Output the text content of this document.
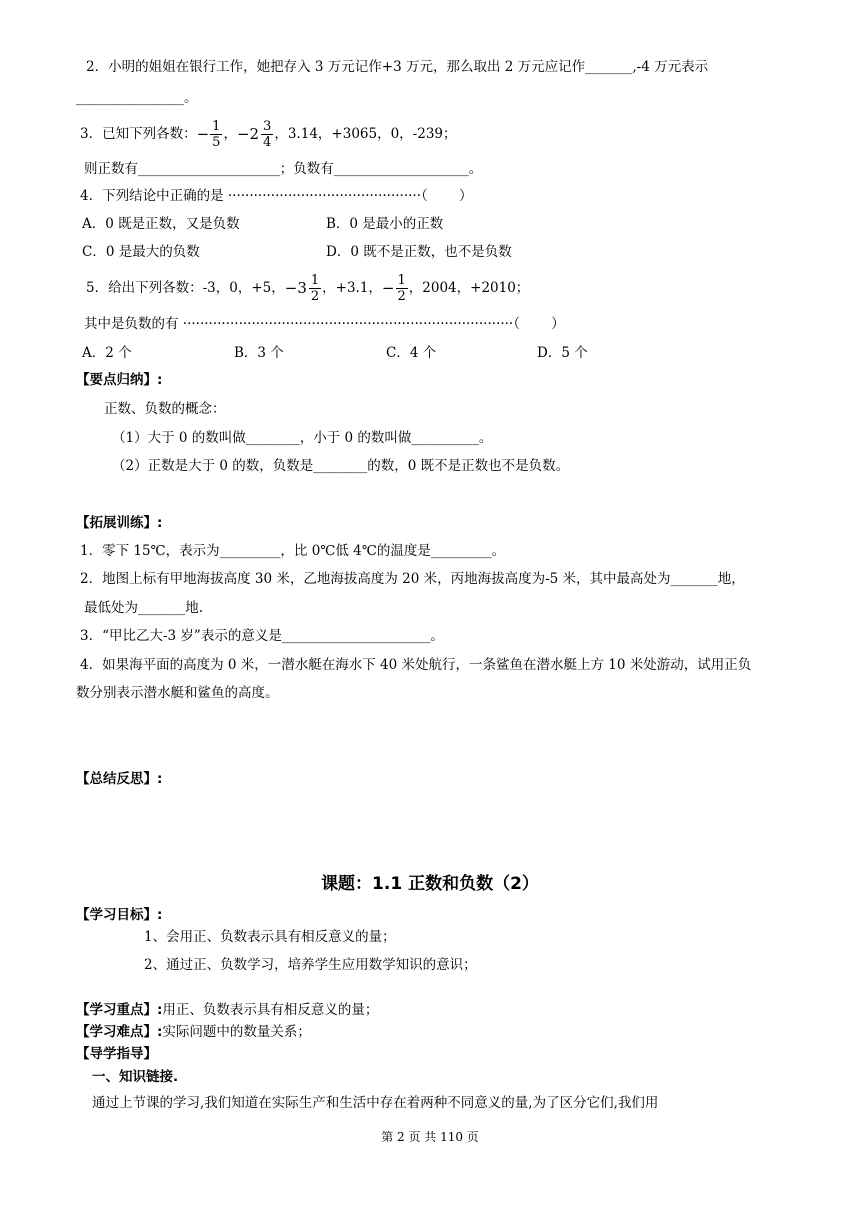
2．小明的姐姐在银行工作，她把存入 3 万元记作+3 万元，那么取出 2 万元应记作_______,-4 万元表示
________________。
3．已知下列各数： − $\frac{1}{5}$ ， − $2 \frac{3}{4}$ ，3.14，+3065，0，-239；
则正数有_____________________；负数有____________________。
4．下列结论中正确的是 ·············································（　　 ）
A．0 既是正数，又是负数	B．0 是最小的正数
C．0 是最大的负数	D．0 既不是正数，也不是负数
5．给出下列各数：-3，0，+5， − $3 \frac{1}{2}$ ，+3.1， − $\frac{1}{2}$ ，2004，+2010；
其中是负数的有 ·············································································（　　 ）
A．2 个	B．3 个	C．4 个	D．5 个
【要点归纳】:
正数、负数的概念：
（1）大于 0 的数叫做________，小于 0 的数叫做__________。
（2）正数是大于 0 的数，负数是________的数，0 既不是正数也不是负数。
【拓展训练】:
1．零下 15℃，表示为_________，比 0℃低 4℃的温度是_________。
2．地图上标有甲地海拔高度 30 米，乙地海拔高度为 20 米，丙地海拔高度为-5 米，其中最高处为_______地，
最低处为_______地.
3．“甲比乙大-3 岁”表示的意义是______________________。
4．如果海平面的高度为 0 米，一潜水艇在海水下 40 米处航行，一条鲨鱼在潜水艇上方 10 米处游动，试用正负
数分别表示潜水艇和鲨鱼的高度。
【总结反思】:
课题：1.1 正数和负数（2）
【学习目标】:
1、会用正、负数表示具有相反意义的量；
2、通过正、负数学习，培养学生应用数学知识的意识；
【学习重点】:用正、负数表示具有相反意义的量；
【学习难点】:实际问题中的数量关系；
【导学指导】
一、知识链接.
通过上节课的学习,我们知道在实际生产和生活中存在着两种不同意义的量,为了区分它们,我们用
第 2 页 共 110 页
